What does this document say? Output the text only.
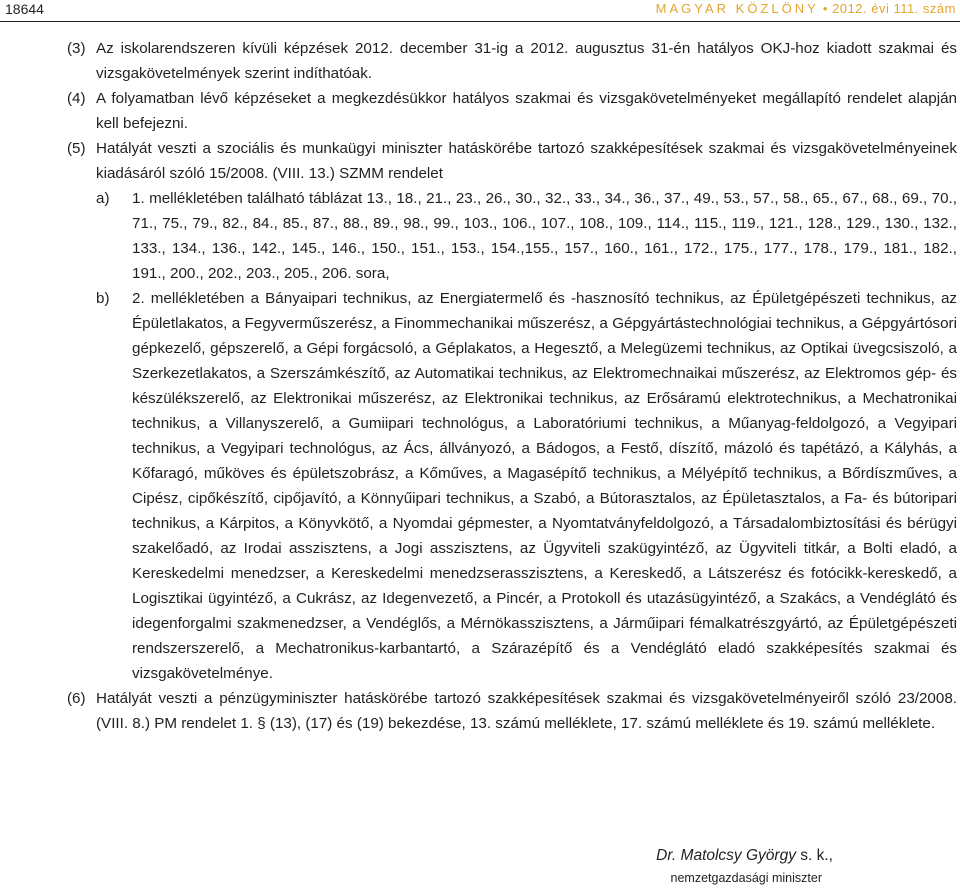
18644	MAGYAR KÖZLÖNY • 2012. évi 111. szám
(3) Az iskolarendszeren kívüli képzések 2012. december 31-ig a 2012. augusztus 31-én hatályos OKJ-hoz kiadott szakmai és vizsgakövetelmények szerint indíthatóak.
(4) A folyamatban lévő képzéseket a megkezdésükkor hatályos szakmai és vizsgakövetelményeket megállapító rendelet alapján kell befejezni.
(5) Hatályát veszti a szociális és munkaügyi miniszter hatáskörébe tartozó szakképesítések szakmai és vizsgakövetelményeinek kiadásáról szóló 15/2008. (VIII. 13.) SZMM rendelet
a) 1. mellékletében található táblázat 13., 18., 21., 23., 26., 30., 32., 33., 34., 36., 37., 49., 53., 57., 58., 65., 67., 68., 69., 70., 71., 75., 79., 82., 84., 85., 87., 88., 89., 98., 99., 103., 106., 107., 108., 109., 114., 115., 119., 121., 128., 129., 130., 132., 133., 134., 136., 142., 145., 146., 150., 151., 153., 154.,155., 157., 160., 161., 172., 175., 177., 178., 179., 181., 182., 191., 200., 202., 203., 205., 206. sora,
b) 2. mellékletében a Bányaipari technikus, az Energiatermelő és -hasznosító technikus, az Épületgépészeti technikus, az Épületlakatos, a Fegyverműszerész, a Finommechanikai műszerész, a Gépgyártástechnológiai technikus, a Gépgyártósori gépkezelő, gépszerelő, a Gépi forgácsoló, a Géplakatos, a Hegesztő, a Melegüzemi technikus, az Optikai üvegcsiszoló, a Szerkezetlakatos, a Szerszámkészítő, az Automatikai technikus, az Elektromechnaikai műszerész, az Elektromos gép- és készülékszerelő, az Elektronikai műszerész, az Elektronikai technikus, az Erősáramú elektrotechnikus, a Mechatronikai technikus, a Villanyszerelő, a Gumiipari technológus, a Laboratóriumi technikus, a Műanyag-feldolgozó, a Vegyipari technikus, a Vegyipari technológus, az Ács, állványozó, a Bádogos, a Festő, díszítő, mázoló és tapétázó, a Kályhás, a Kőfaragó, műköves és épületszobrász, a Kőműves, a Magasépítő technikus, a Mélyépítő technikus, a Bőrdíszműves, a Cipész, cipőkészítő, cipőjavító, a Könnyűipari technikus, a Szabó, a Bútorasztalos, az Épületasztalos, a Fa- és bútoripari technikus, a Kárpitos, a Könyvkötő, a Nyomdai gépmester, a Nyomtatványfeldolgozó, a Társadalombiztosítási és bérügyi szakelőadó, az Irodai asszisztens, a Jogi asszisztens, az Ügyviteli szakügyintéző, az Ügyviteli titkár, a Bolti eladó, a Kereskedelmi menedzser, a Kereskedelmi menedzserasszisztens, a Kereskedő, a Látszerész és fotócikk-kereskedő, a Logisztikai ügyintéző, a Cukrász, az Idegenvezető, a Pincér, a Protokoll és utazásügyintéző, a Szakács, a Vendéglátó és idegenforgalmi szakmenedzser, a Vendéglős, a Mérnökasszisztens, a Járműipari fémalkatrészgyártó, az Épületgépészeti rendszerszerelő, a Mechatronikus-karbantartó, a Szárazépítő és a Vendéglátó eladó szakképesítés szakmai és vizsgakövetelménye.
(6) Hatályát veszti a pénzügyminiszter hatáskörébe tartozó szakképesítések szakmai és vizsgakövetelményeiről szóló 23/2008. (VIII. 8.) PM rendelet 1. § (13), (17) és (19) bekezdése, 13. számú melléklete, 17. számú melléklete és 19. számú melléklete.
Dr. Matolcsy György s. k.,
nemzetgazdasági miniszter
